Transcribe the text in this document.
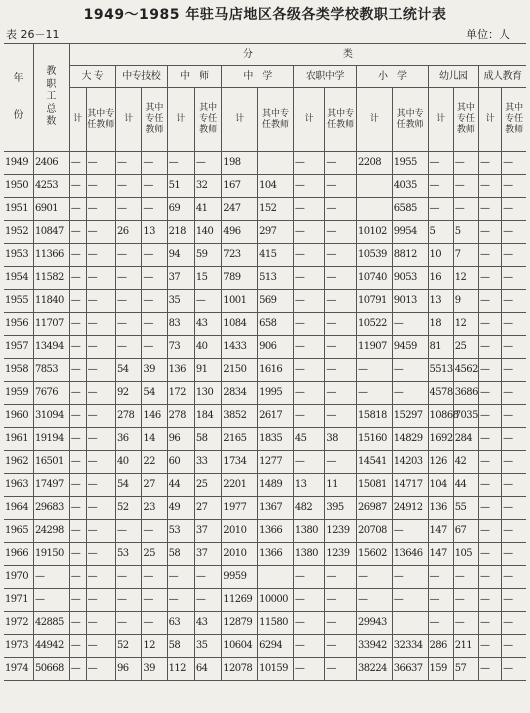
1949～1985 年驻马店地区各级各类学校教职工统计表
表 26－11	单位：人
年

份	教
职
工
总
数	分　　　　　　　　　类															
		大 专		中专技校		中　师		中　学		农职中学		小　学		幼儿园		成人教育	
		计	其中专任教师	计	其中专任教师	计	其中专任教师	计	其中专任教师	计	其中专任教师	计	其中专任教师	计	其中专任教师	计	其中专任教师
1949	2406	—	—	—	—	—	—	198		—	—	2208	1955	—	—	—	—
1950	4253	—	—	—	—	51	32	167	104	—	—		4035	—	—	—	—
1951	6901	—	—	—	—	69	41	247	152	—	—		6585	—	—	—	—
1952	10847	—	—	26	13	218	140	496	297	—	—	10102	9954	5	5	—	—
1953	11366	—	—	—	—	94	59	723	415	—	—	10539	8812	10	7	—	—
1954	11582	—	—	—	—	37	15	789	513	—	—	10740	9053	16	12	—	—
1955	11840	—	—	—	—	35	—	1001	569	—	—	10791	9013	13	9	—	—
1956	11707	—	—	—	—	83	43	1084	658	—	—	10522	—	18	12	—	—
1957	13494	—	—	—	—	73	40	1433	906	—	—	11907	9459	81	25	—	—
1958	7853	—	—	54	39	136	91	2150	1616	—	—	—	—	5513	4562	—	—
1959	7676	—	—	92	54	172	130	2834	1995	—	—	—	—	4578	3686	—	—
1960	31094	—	—	278	146	278	184	3852	2617	—	—	15818	15297	10868	7035	—	—
1961	19194	—	—	36	14	96	58	2165	1835	45	38	15160	14829	1692	284	—	—
1962	16501	—	—	40	22	60	33	1734	1277	—	—	14541	14203	126	42	—	—
1963	17497	—	—	54	27	44	25	2201	1489	13	11	15081	14717	104	44	—	—
1964	29683	—	—	52	23	49	27	1977	1367	482	395	26987	24912	136	55	—	—
1965	24298	—	—	—	—	53	37	2010	1366	1380	1239	20708	—	147	67	—	—
1966	19150	—	—	53	25	58	37	2010	1366	1380	1239	15602	13646	147	105	—	—
1970	—	—	—	—	—	—	—	9959		—	—	—	—	—	—	—	—
1971	—	—	—	—	—	—	—	11269	10000	—	—	—	—	—	—	—	—
1972	42885	—	—	—	—	63	43	12879	11580	—	—	29943		—	—	—	—
1973	44942	—	—	52	12	58	35	10604	6294	—	—	33942	32334	286	211	—	—
1974	50668	—	—	96	39	112	64	12078	10159	—	—	38224	36637	159	57	—	—
